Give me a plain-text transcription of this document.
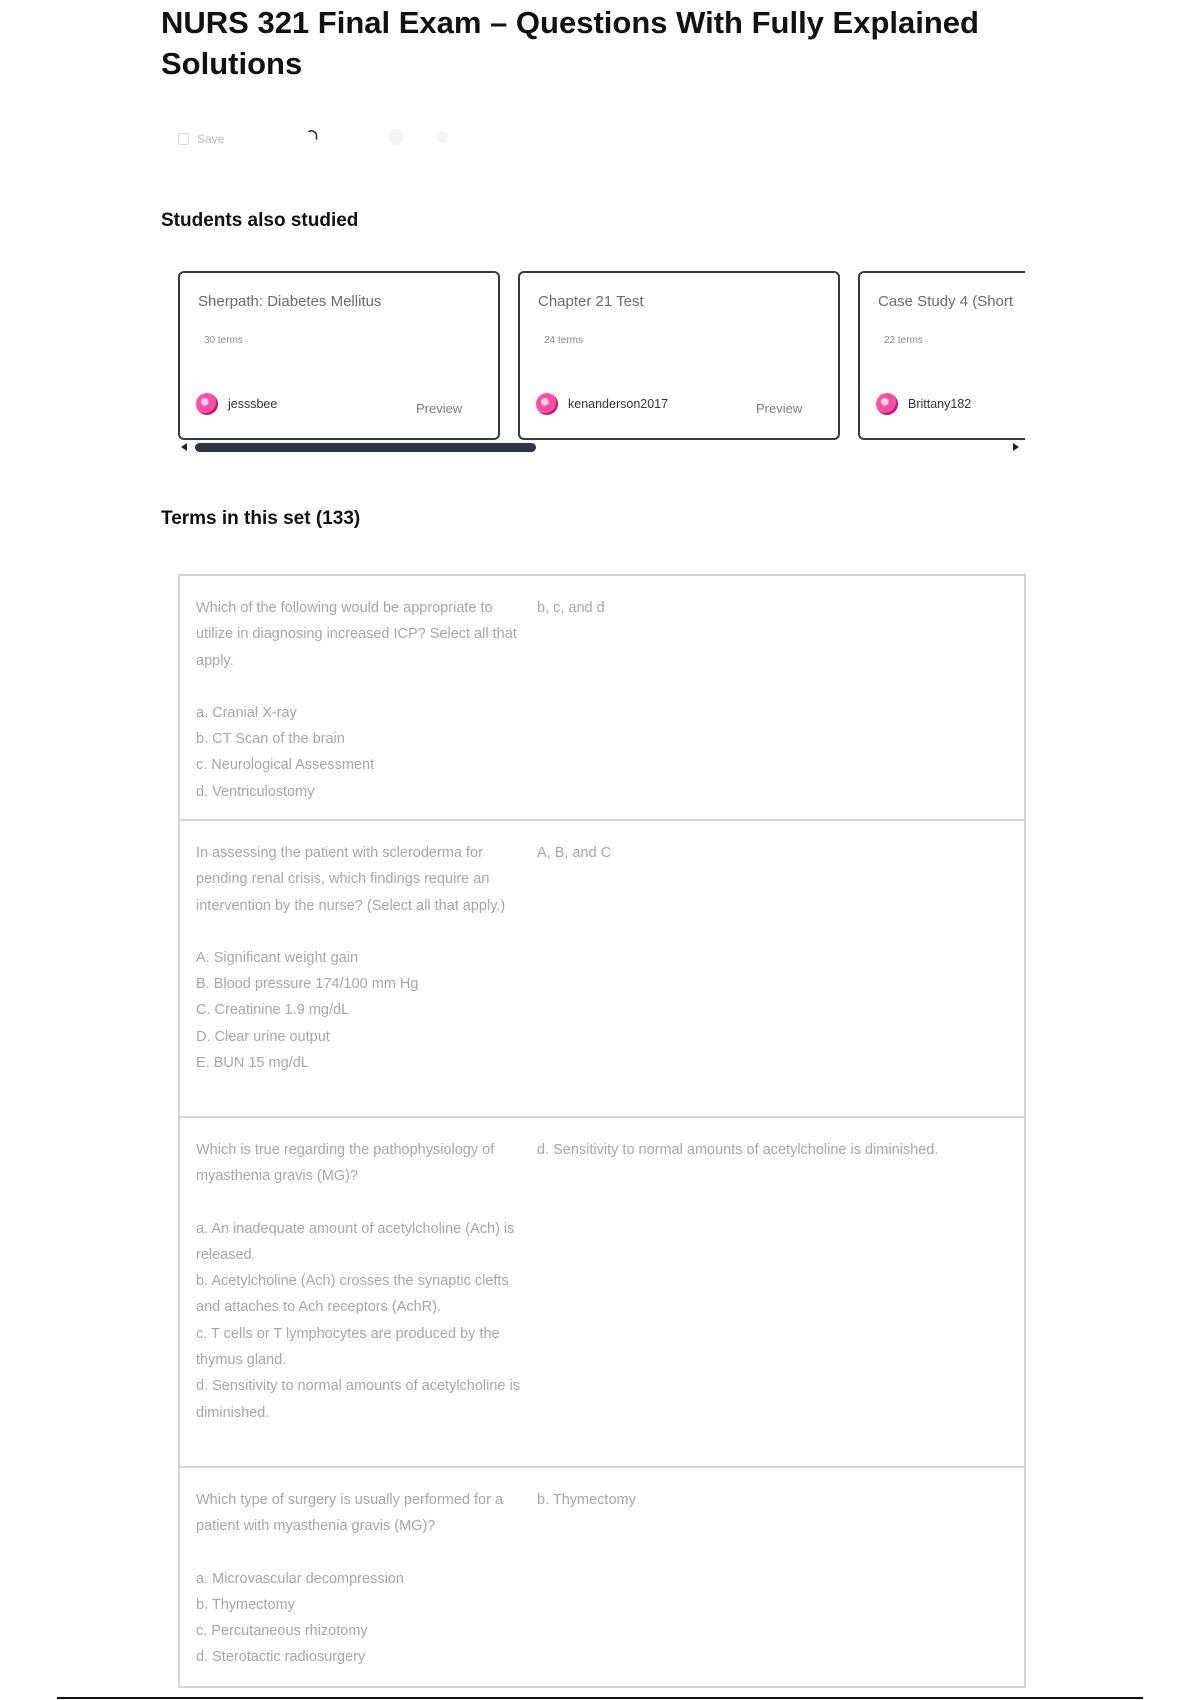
NURS 321 Final Exam – Questions With Fully Explained Solutions
Save
Students also studied
Sherpath: Diabetes Mellitus
30 terms
jesssbee	Preview
Chapter 21 Test
24 terms
kenanderson2017	Preview
Case Study 4 (Short
22 terms
Brittany182
Terms in this set (133)
Which of the following would be appropriate to utilize in diagnosing increased ICP? Select all that apply.
a. Cranial X-ray
b. CT Scan of the brain
c. Neurological Assessment
d. Ventriculostomy
b, c, and d
In assessing the patient with scleroderma for pending renal crisis, which findings require an intervention by the nurse? (Select all that apply.)
A. Significant weight gain
B. Blood pressure 174/100 mm Hg
C. Creatinine 1.9 mg/dL
D. Clear urine output
E. BUN 15 mg/dL
A, B, and C
Which is true regarding the pathophysiology of myasthenia gravis (MG)?
a. An inadequate amount of acetylcholine (Ach) is released.
b. Acetylcholine (Ach) crosses the synaptic clefts and attaches to Ach receptors (AchR).
c. T cells or T lymphocytes are produced by the thymus gland.
d. Sensitivity to normal amounts of acetylcholine is diminished.
d. Sensitivity to normal amounts of acetylcholine is diminished.
Which type of surgery is usually performed for a patient with myasthenia gravis (MG)?
a. Microvascular decompression
b. Thymectomy
c. Percutaneous rhizotomy
d. Sterotactic radiosurgery
b. Thymectomy
